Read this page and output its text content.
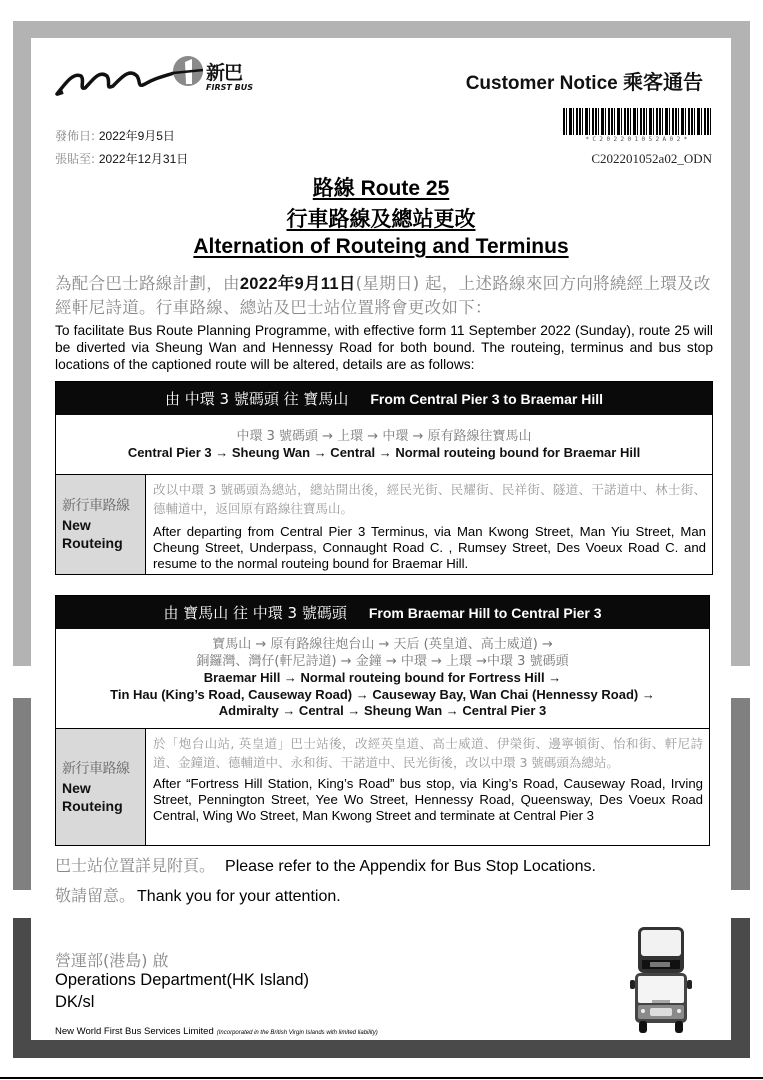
新巴
FIRST BUS	Customer Notice 乘客通告
*C202201052A02*
C202201052a02_ODN
發佈日: 2022年9月5日
張貼至: 2022年12月31日
路線 Route 25
行車路線及總站更改
Alternation of Routeing and Terminus
為配合巴士路線計劃，由2022年9月11日(星期日) 起，上述路線來回方向將繞經上環及改經軒尼詩道。行車路線、總站及巴士站位置將會更改如下：
To facilitate Bus Route Planning Programme, with effective form 11 September 2022 (Sunday), route 25 will be diverted via Sheung Wan and Hennessy Road for both bound. The routeing, terminus and bus stop locations of the captioned route will be altered, details are as follows:
由 中環 3 號碼頭 往 寶馬山 From Central Pier 3 to Braemar Hill
中環 3 號碼頭 → 上環 → 中環 → 原有路線往寶馬山
Central Pier 3 → Sheung Wan → Central → Normal routeing bound for Braemar Hill
新行車路線
New Routeing
改以中環 3 號碼頭為總站，總站開出後，經民光街、民耀街、民祥街、隧道、干諾道中、林士街、德輔道中，返回原有路線往寶馬山。
After departing from Central Pier 3 Terminus, via Man Kwong Street, Man Yiu Street, Man Cheung Street, Underpass, Connaught Road C. , Rumsey Street, Des Voeux Road C. and resume to the normal routeing bound for Braemar Hill.
由 寶馬山 往 中環 3 號碼頭 From Braemar Hill to Central Pier 3
寶馬山 → 原有路線往炮台山 → 天后 (英皇道、高士威道) →
銅鑼灣、灣仔(軒尼詩道) → 金鐘 → 中環 → 上環 →中環 3 號碼頭
Braemar Hill → Normal routeing bound for Fortress Hill →
Tin Hau (King’s Road, Causeway Road) → Causeway Bay, Wan Chai (Hennessy Road) →
Admiralty → Central → Sheung Wan → Central Pier 3
新行車路線
New Routeing
於「炮台山站, 英皇道」巴士站後，改經英皇道、高士威道、伊榮街、邊寧頓街、怡和街、軒尼詩道、金鐘道、德輔道中、永和街、干諾道中、民光街後，改以中環 3 號碼頭為總站。
After “Fortress Hill Station, King’s Road” bus stop, via King’s Road, Causeway Road, Irving Street, Pennington Street, Yee Wo Street, Hennessy Road, Queensway, Des Voeux Road Central, Wing Wo Street, Man Kwong Street and terminate at Central Pier 3
巴士站位置詳見附頁。 Please refer to the Appendix for Bus Stop Locations.
敬請留意。 Thank you for your attention.
營運部(港島) 啟
Operations Department(HK Island)
DK/sl
New World First Bus Services Limited (Incorporated in the British Virgin Islands with limited liability)
